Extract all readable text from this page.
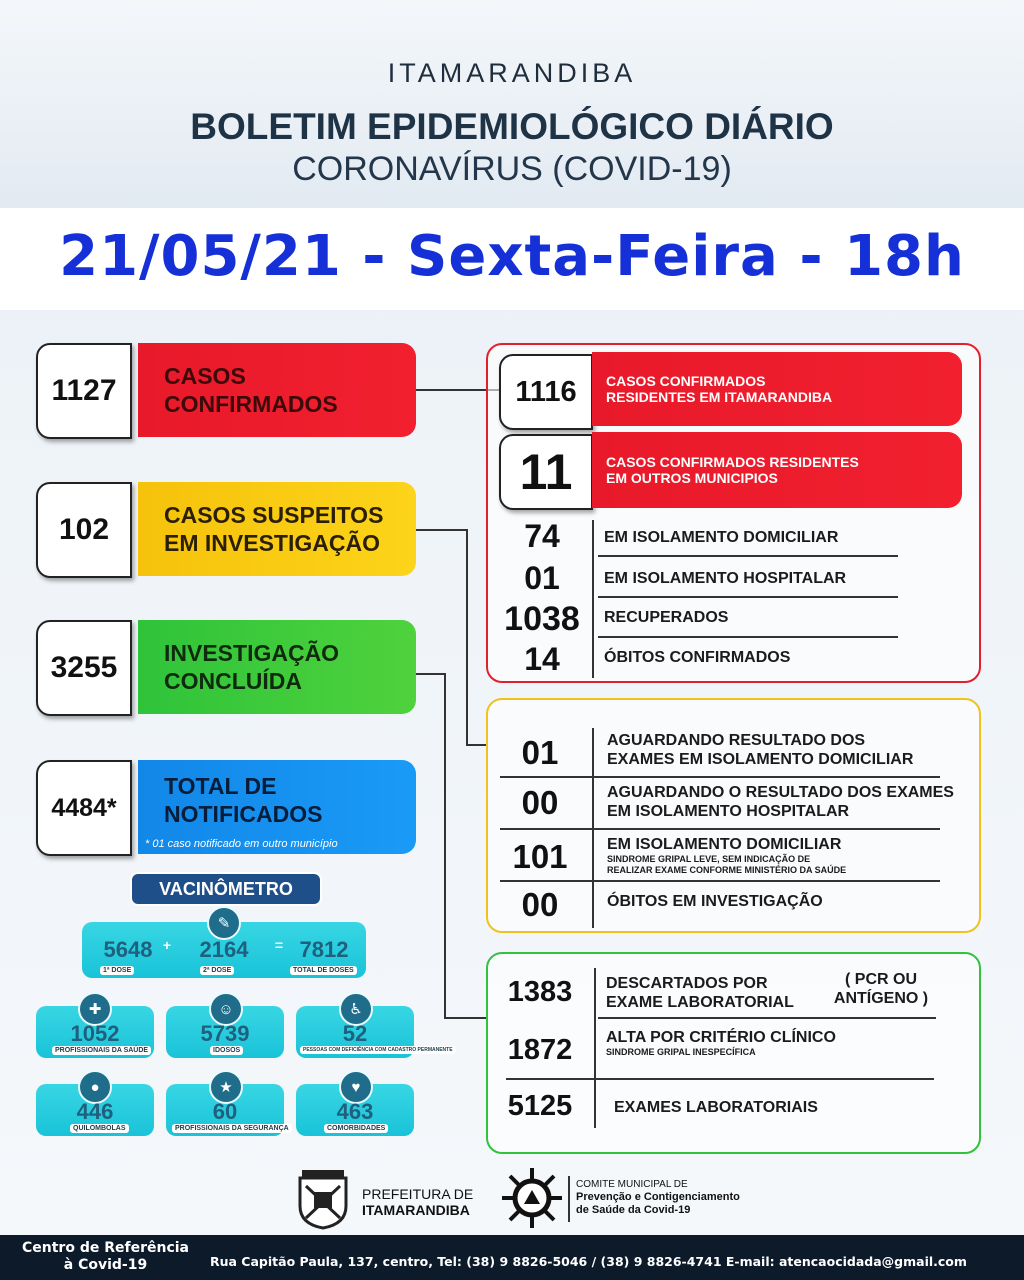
ITAMARANDIBA
BOLETIM EPIDEMIOLÓGICO DIÁRIO
CORONAVÍRUS (COVID-19)
21/05/21 - Sexta-Feira - 18h
1127	CASOS
CONFIRMADOS
102	CASOS SUSPEITOS
EM INVESTIGAÇÃO
3255	INVESTIGAÇÃO
CONCLUÍDA
4484*
TOTAL DE
NOTIFICADOS
* 01 caso notificado em outro município
1116	CASOS CONFIRMADOS
RESIDENTES EM ITAMARANDIBA
11	CASOS CONFIRMADOS RESIDENTES
EM OUTROS MUNICIPIOS
74	EM ISOLAMENTO DOMICILIAR
01	EM ISOLAMENTO HOSPITALAR
1038	RECUPERADOS
14	ÓBITOS CONFIRMADOS
01	AGUARDANDO RESULTADO DOS
EXAMES EM ISOLAMENTO DOMICILIAR
00	AGUARDANDO O RESULTADO DOS EXAMES
EM ISOLAMENTO HOSPITALAR
101	EM ISOLAMENTO DOMICILIAR
SINDROME GRIPAL LEVE, SEM INDICAÇÃO DE
REALIZAR EXAME CONFORME MINISTÉRIO DA SAÚDE
00	ÓBITOS EM INVESTIGAÇÃO
1383	DESCARTADOS POR
EXAME LABORATORIAL
( PCR OU
ANTÍGENO )
1872	ALTA POR CRITÉRIO CLÍNICO
SINDROME GRIPAL INESPECÍFICA
5125	EXAMES LABORATORIAIS
VACINÔMETRO
✎
5648 +	2164	= 7812
1ª DOSE	2ª DOSE	TOTAL DE DOSES
✚
1052
PROFISSIONAIS DA SAÚDE
☺
5739
IDOSOS
♿
52
PESSOAS COM DEFICIÊNCIA COM CADASTRO PERMANENTE
●
446
QUILOMBOLAS
★
60
PROFISSIONAIS DA SEGURANÇA
♥
463
COMORBIDADES
PREFEITURA DE
ITAMARANDIBA
COMITE MUNICIPAL DE
Prevenção e Contigenciamento
de Saúde da Covid-19
Centro de Referência
à Covid-19	Rua Capitão Paula, 137, centro, Tel: (38) 9 8826-5046 / (38) 9 8826-4741 E-mail: atencaocidada@gmail.com
